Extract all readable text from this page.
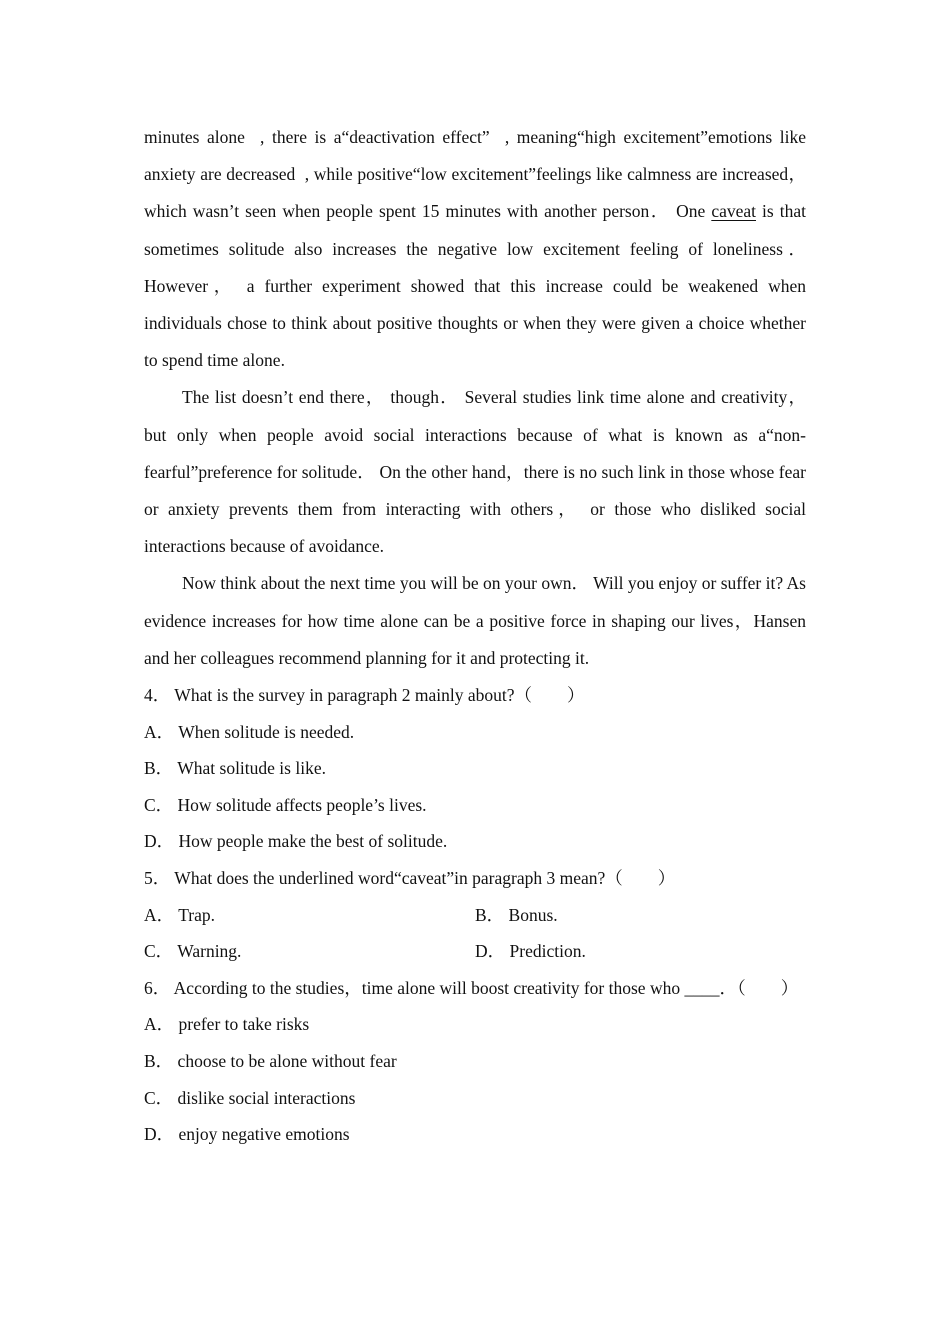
minutes alone  , there is a“deactivation effect”  , meaning“high excitement”emotions like anxiety are decreased  , while positive“low excitement”feelings like calmness are increased， which wasn’t seen when people spent 15 minutes with another person． One caveat is that sometimes solitude also increases the negative low excitement feeling of loneliness． However， a further experiment showed that this increase could be weakened when individuals chose to think about positive thoughts or when they were given a choice whether to spend time alone.

The list doesn’t end there， though． Several studies link time alone and creativity，but only when people avoid social interactions because of what is known as a“non-fearful”preference for solitude． On the other hand，there is no such link in those whose fear or anxiety prevents them from interacting with others， or those who disliked social interactions because of avoidance.

Now think about the next time you will be on your own． Will you enjoy or suffer it? As evidence increases for how time alone can be a positive force in shaping our lives，Hansen and her colleagues recommend planning for it and protecting it.

4． What is the survey in paragraph 2 mainly about?（　　）

A． When solitude is needed.

B． What solitude is like.

C． How solitude affects people’s lives.

D． How people make the best of solitude.

5． What does the underlined word“caveat”in paragraph 3 mean?（　　）

A． Trap.	B． Bonus.
C． Warning.	D． Prediction.

6． According to the studies，time alone will boost creativity for those who ____．（　　）

A． prefer to take risks

B． choose to be alone without fear

C． dislike social interactions

D． enjoy negative emotions
